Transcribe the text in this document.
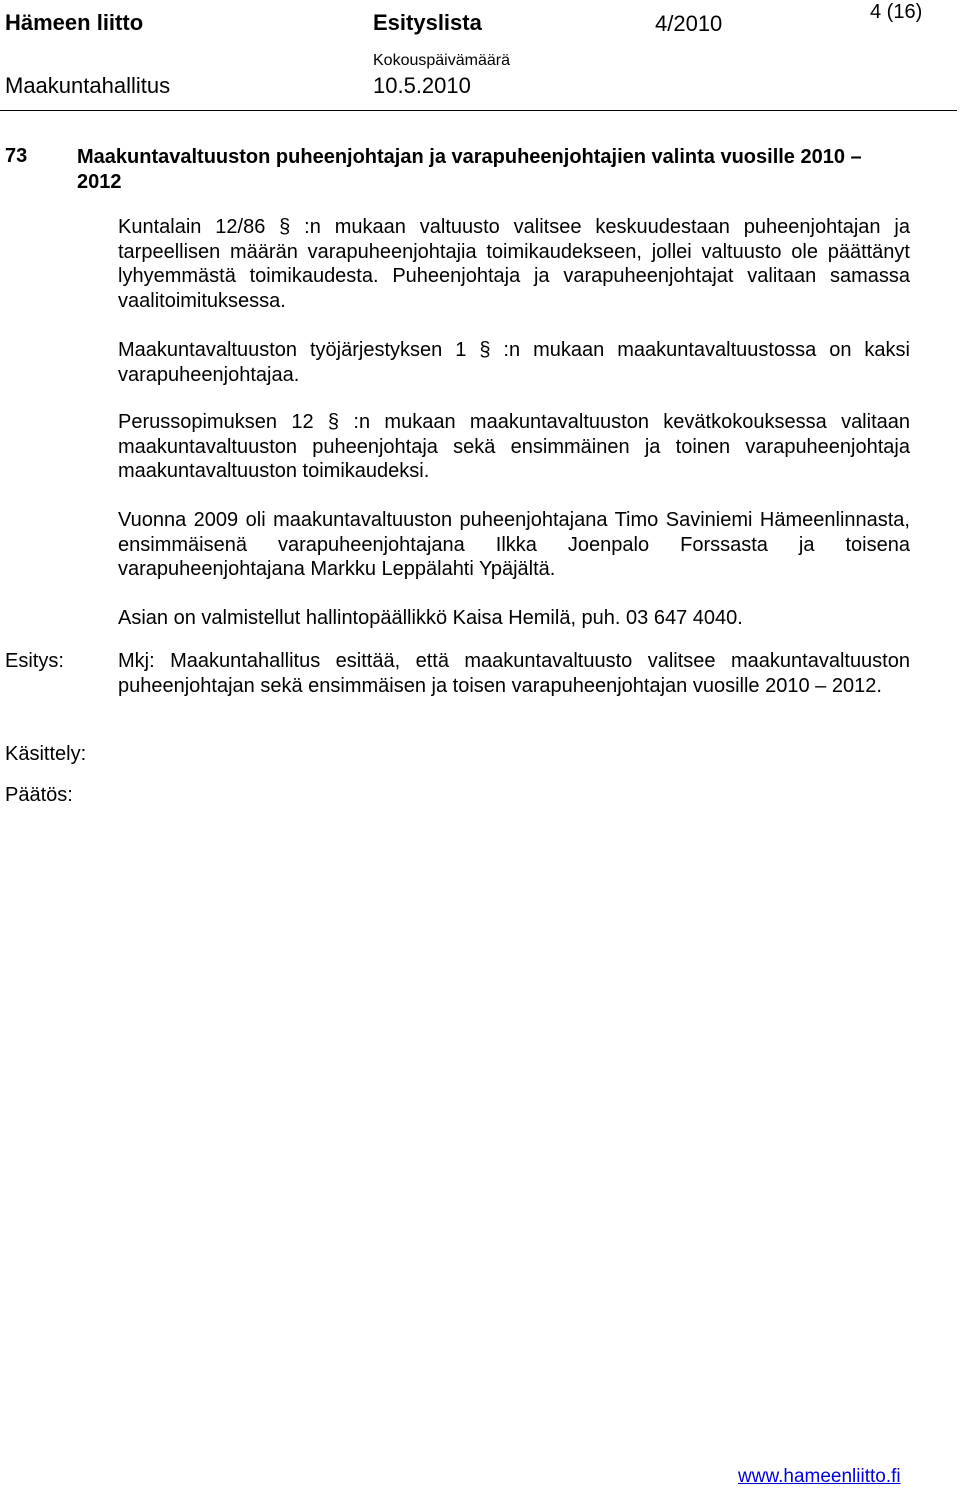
Hämeen liitto	Esityslista	4/2010	4 (16)
Kokouspäivämäärä
Maakuntahallitus	10.5.2010
73 Maakuntavaltuuston puheenjohtajan ja varapuheenjohtajien valinta vuosille 2010 – 2012

Kuntalain 12/86 § :n mukaan valtuusto valitsee keskuudestaan puheenjohtajan ja tarpeellisen määrän varapuheenjohtajia toimikaudekseen, jollei valtuusto ole päättänyt lyhyemmästä toimikaudesta. Puheenjohtaja ja varapuheenjohtajat valitaan samassa vaalitoimituksessa.

Maakuntavaltuuston työjärjestyksen 1 § :n mukaan maakuntavaltuustossa on kaksi varapuheenjohtajaa.

Perussopimuksen 12 § :n mukaan maakuntavaltuuston kevätkokouksessa valitaan maakuntavaltuuston puheenjohtaja sekä ensimmäinen ja toinen varapuheenjohtaja maakuntavaltuuston toimikaudeksi.

Vuonna 2009 oli maakuntavaltuuston puheenjohtajana Timo Saviniemi Hämeenlinnasta, ensimmäisenä varapuheenjohtajana Ilkka Joenpalo Forssasta ja toisena varapuheenjohtajana Markku Leppälahti Ypäjältä.

Asian on valmistellut hallintopäällikkö Kaisa Hemilä, puh. 03 647 4040.

Esitys:	Mkj: Maakuntahallitus esittää, että maakuntavaltuusto valitsee maakuntavaltuuston puheenjohtajan sekä ensimmäisen ja toisen varapuheenjohtajan vuosille 2010 – 2012.

Käsittely:
Päätös:
www.hameenliitto.fi
